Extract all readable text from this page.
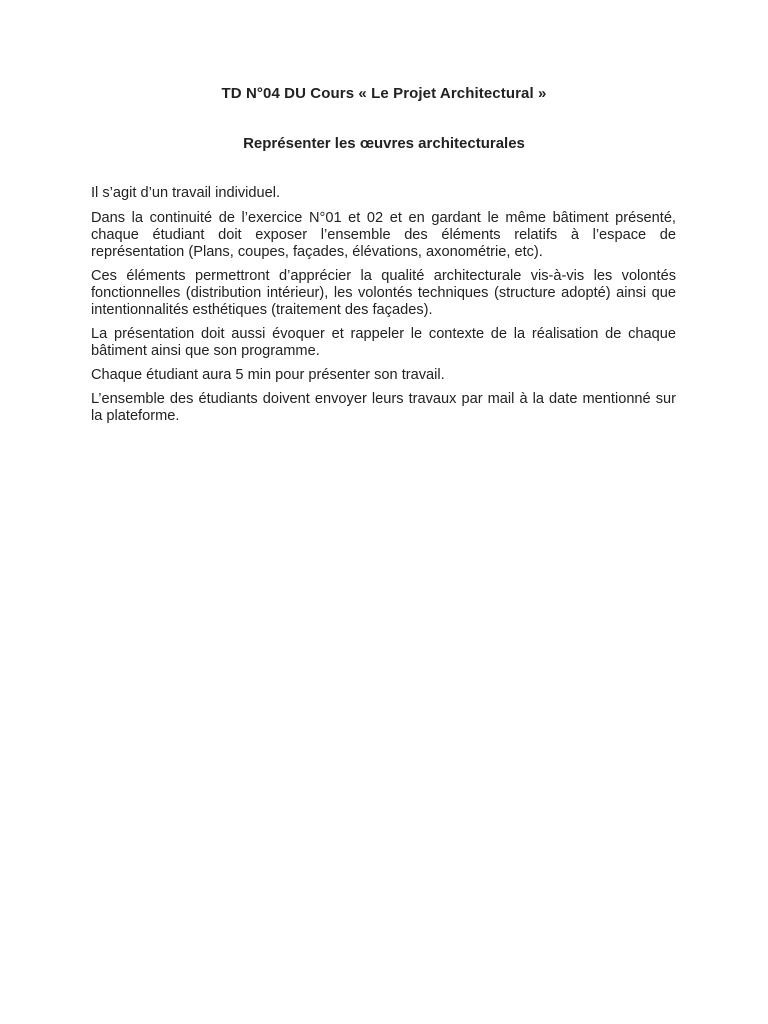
TD N°04 DU Cours « Le Projet Architectural »
Représenter les œuvres architecturales

Il s’agit d’un travail individuel.

Dans la continuité de l’exercice N°01 et 02 et en gardant le même bâtiment présenté, chaque étudiant doit exposer l’ensemble des éléments relatifs à l’espace de représentation (Plans, coupes, façades, élévations, axonométrie, etc).

Ces éléments permettront d’apprécier la qualité architecturale vis-à-vis les volontés fonctionnelles (distribution intérieur), les volontés techniques (structure adopté) ainsi que intentionnalités esthétiques (traitement des façades).

La présentation doit aussi évoquer et rappeler le contexte de la réalisation de chaque bâtiment ainsi que son programme.

Chaque étudiant aura 5 min pour présenter son travail.

L’ensemble des étudiants doivent envoyer leurs travaux par mail à la date mentionné sur la plateforme.
